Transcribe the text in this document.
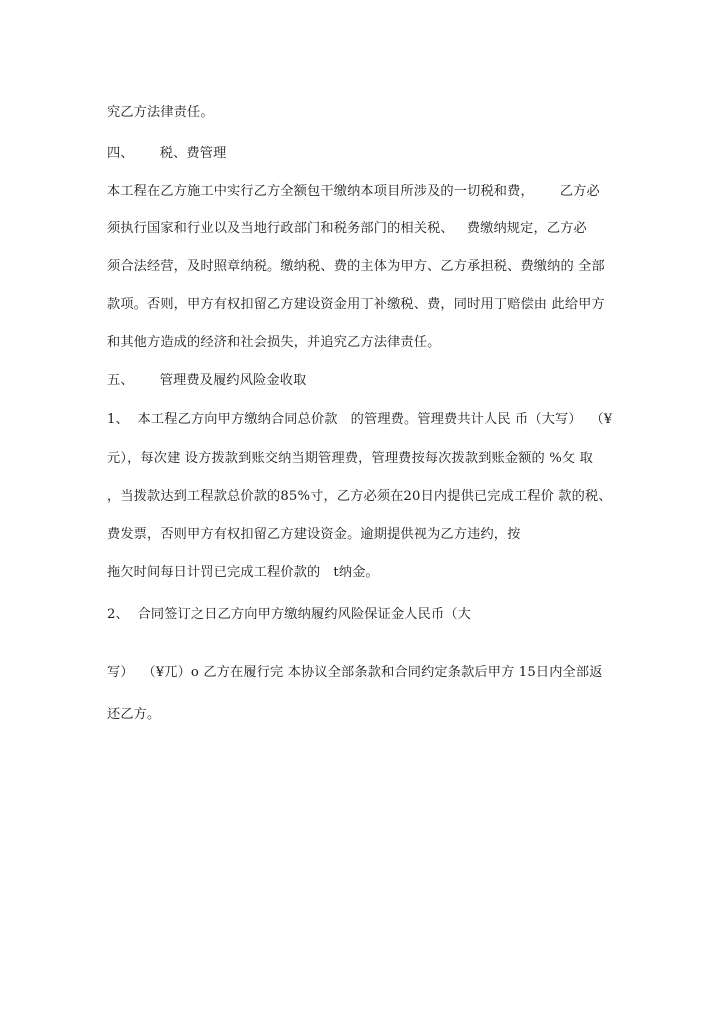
究乙方法律责任。
四、      税、费管理
本工程在乙方施工中实行乙方全额包干缴纳本项目所涉及的一切税和费，      乙方必
须执行国家和行业以及当地行政部门和税务部门的相关税、   费缴纳规定，乙方必
须合法经营，及时照章纳税。缴纳税、费的主体为甲方、乙方承担税、费缴纳的 全部
款项。否则，甲方有权扣留乙方建设资金用丁补缴税、费，同时用丁赔偿由 此给甲方
和其他方造成的经济和社会损失，并追究乙方法律责任。
五、      管理费及履约风险金收取
1、  本工程乙方向甲方缴纳合同总价款   的管理费。管理费共计人民 币（大写）  （¥
元），每次建 设方拨款到账交纳当期管理费，管理费按每次拨款到账金额的 %攵 取
，当拨款达到工程款总价款的85%寸，乙方必须在20日内提供已完成工程价 款的税、
费发票，否则甲方有权扣留乙方建设资金。逾期提供视为乙方违约，按
拖欠时间每日计罚已完成工程价款的   t纳金。
2、  合同签订之日乙方向甲方缴纳履约风险保证金人民币（大
写）  （¥兀）o 乙方在履行完 本协议全部条款和合同约定条款后甲方 15日内全部返
还乙方。
